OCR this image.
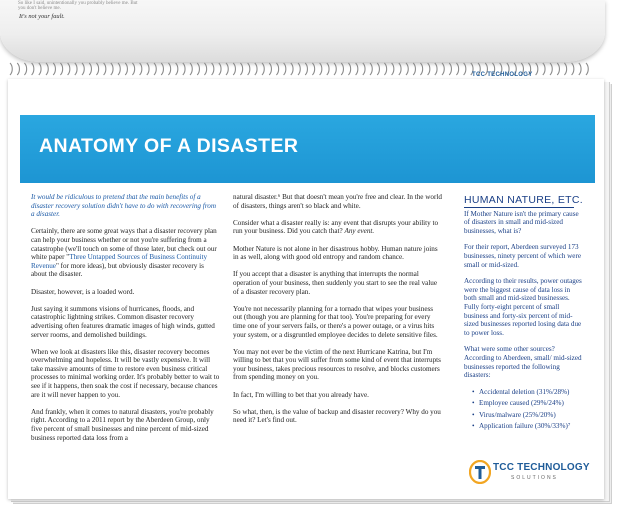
So like I said, unintentionally you probably believe me. But
you don't believe me.
It's not your fault.
TCC TECHNOLOGY
ANATOMY OF A DISASTER

It would be ridiculous to pretend that the main benefits of a disaster recovery solution didn't have to do with recovering from a disaster.

Certainly, there are some great ways that a disaster recovery plan can help your business whether or not you're suffering from a catastrophe (we'll touch on some of those later, but check out our white paper "Three Untapped Sources of Business Continuity Revenue" for more ideas), but obviously disaster recovery is about the disaster.

Disaster, however, is a loaded word.

Just saying it summons visions of hurricanes, floods, and catastrophic lightning strikes. Common disaster recovery advertising often features dramatic images of high winds, gutted server rooms, and demolished buildings.

When we look at disasters like this, disaster recovery becomes overwhelming and hopeless. It will be vastly expensive. It will take massive amounts of time to restore even business critical processes to minimal working order. It's probably better to wait to see if it happens, then soak the cost if necessary, because chances are it will never happen to you.

And frankly, when it comes to natural disasters, you're probably right. According to a 2011 report by the Aberdeen Group, only five percent of small businesses and nine percent of mid-sized business reported data loss from a

natural disaster.⁶ But that doesn't mean you're free and clear. In the world of disasters, things aren't so black and white.

Consider what a disaster really is: any event that disrupts your ability to run your business. Did you catch that? Any event.

Mother Nature is not alone in her disastrous hobby. Human nature joins in as well, along with good old entropy and random chance.

If you accept that a disaster is anything that interrupts the normal operation of your business, then suddenly you start to see the real value of a disaster recovery plan.

You're not necessarily planning for a tornado that wipes your business out (though you are planning for that too). You're preparing for every time one of your servers fails, or there's a power outage, or a virus hits your system, or a disgruntled employee decides to delete sensitive files.

You may not ever be the victim of the next Hurricane Katrina, but I'm willing to bet that you will suffer from some kind of event that interrupts your business, takes precious resources to resolve, and blocks customers from spending money on you.

In fact, I'm willing to bet that you already have.

So what, then, is the value of backup and disaster recovery? Why do you need it? Let's find out.

HUMAN NATURE, ETC.

If Mother Nature isn't the primary cause of disasters in small and mid-sized businesses, what is?

For their report, Aberdeen surveyed 173 businesses, ninety percent of which were small or mid-sized.

According to their results, power outages were the biggest cause of data loss in both small and mid-sized businesses. Fully forty-eight percent of small business and forty-six percent of mid-sized businesses reported losing data due to power loss.

What were some other sources? According to Aberdeen, small/ mid-sized businesses reported the following disasters:

• Accidental deletion (31%/28%)
• Employee caused (29%/24%)
• Virus/malware (25%/20%)
• Application failure (30%/33%)⁷
TCC TECHNOLOGY
SOLUTIONS
